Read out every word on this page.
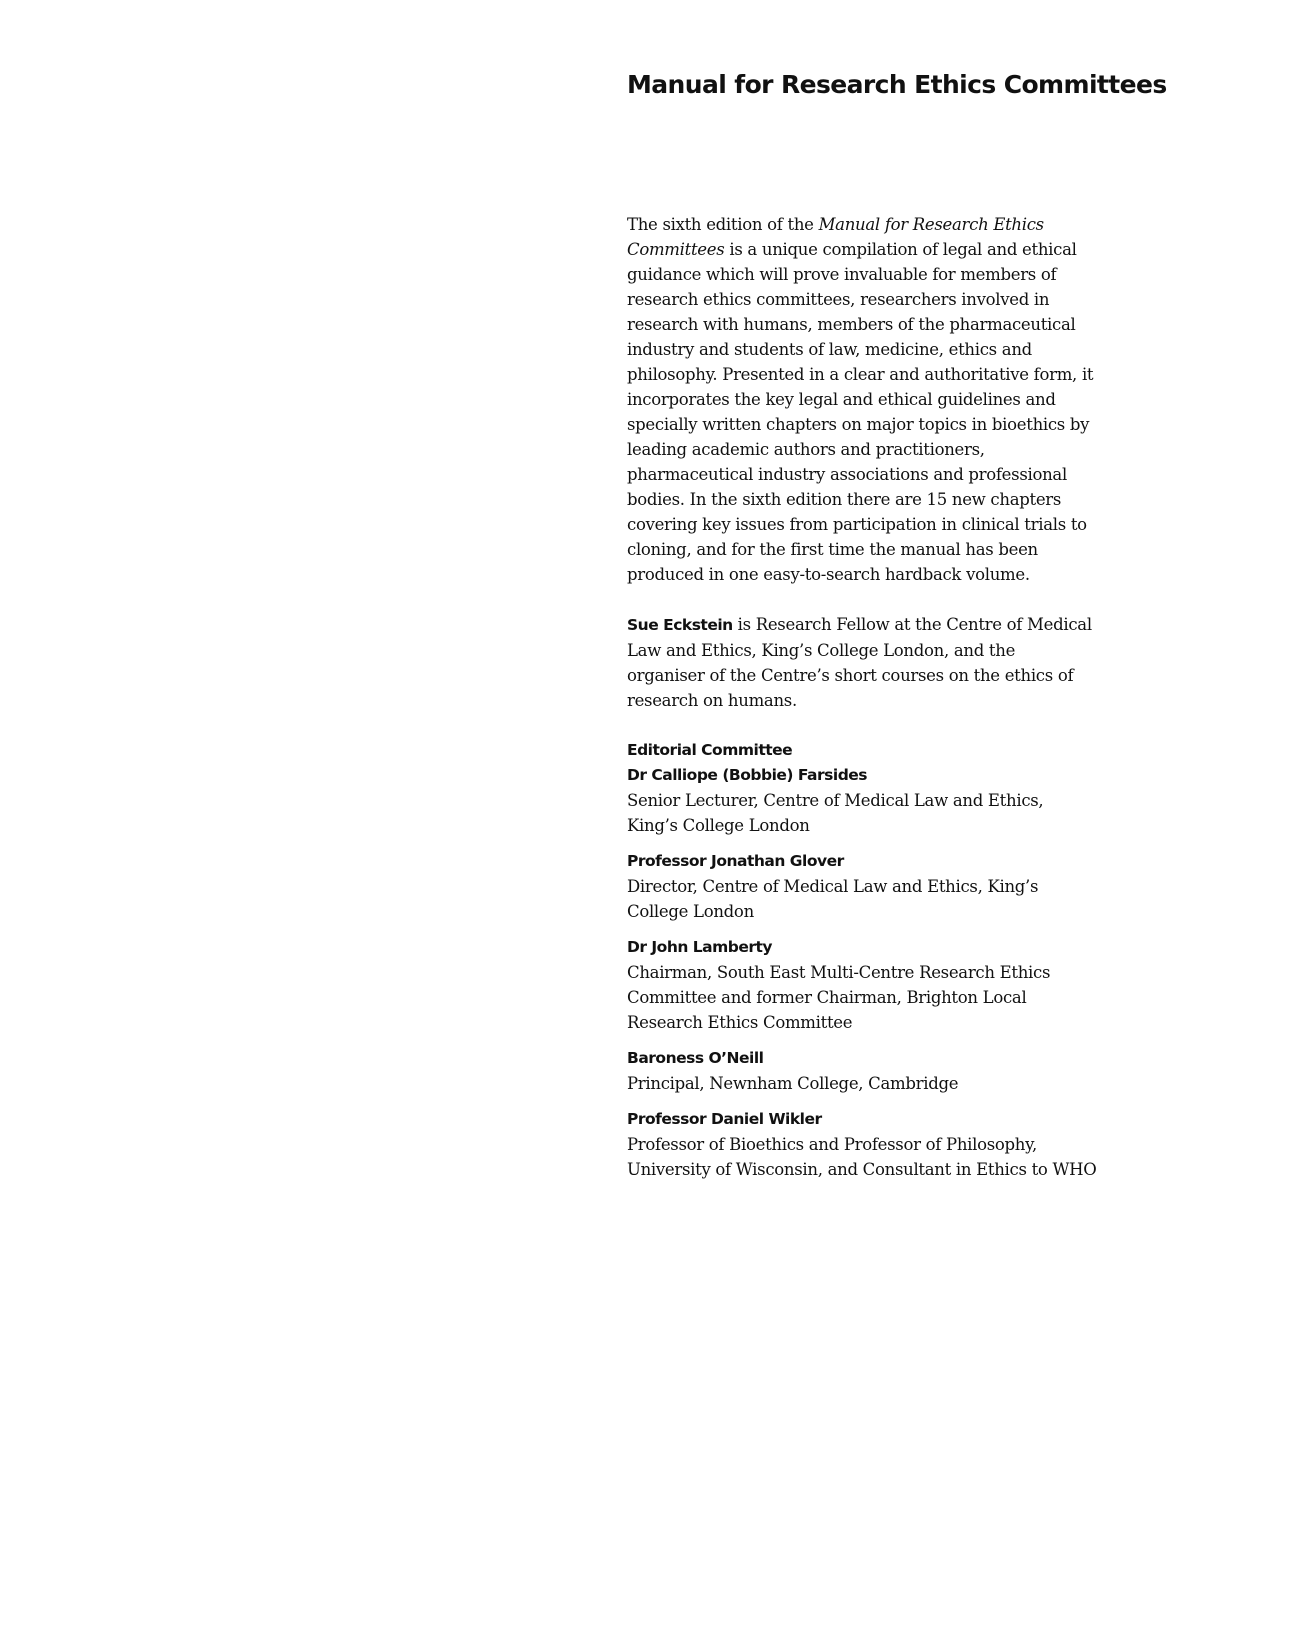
Manual for Research Ethics Committees

The sixth edition of the Manual for Research Ethics Committees is a unique compilation of legal and ethical guidance which will prove invaluable for members of research ethics committees, researchers involved in research with humans, members of the pharmaceutical industry and students of law, medicine, ethics and philosophy. Presented in a clear and authoritative form, it incorporates the key legal and ethical guidelines and specially written chapters on major topics in bioethics by leading academic authors and practitioners, pharmaceutical industry associations and professional bodies. In the sixth edition there are 15 new chapters covering key issues from participation in clinical trials to cloning, and for the first time the manual has been produced in one easy-to-search hardback volume.

Sue Eckstein is Research Fellow at the Centre of Medical Law and Ethics, King’s College London, and the organiser of the Centre’s short courses on the ethics of research on humans.

Editorial Committee

Dr Calliope (Bobbie) Farsides
Senior Lecturer, Centre of Medical Law and Ethics,
King’s College London
Professor Jonathan Glover
Director, Centre of Medical Law and Ethics, King’s College London
Dr John Lamberty
Chairman, South East Multi-Centre Research Ethics Committee and former Chairman, Brighton Local Research Ethics Committee
Baroness O’Neill
Principal, Newnham College, Cambridge
Professor Daniel Wikler
Professor of Bioethics and Professor of Philosophy, University of Wisconsin, and Consultant in Ethics to WHO
